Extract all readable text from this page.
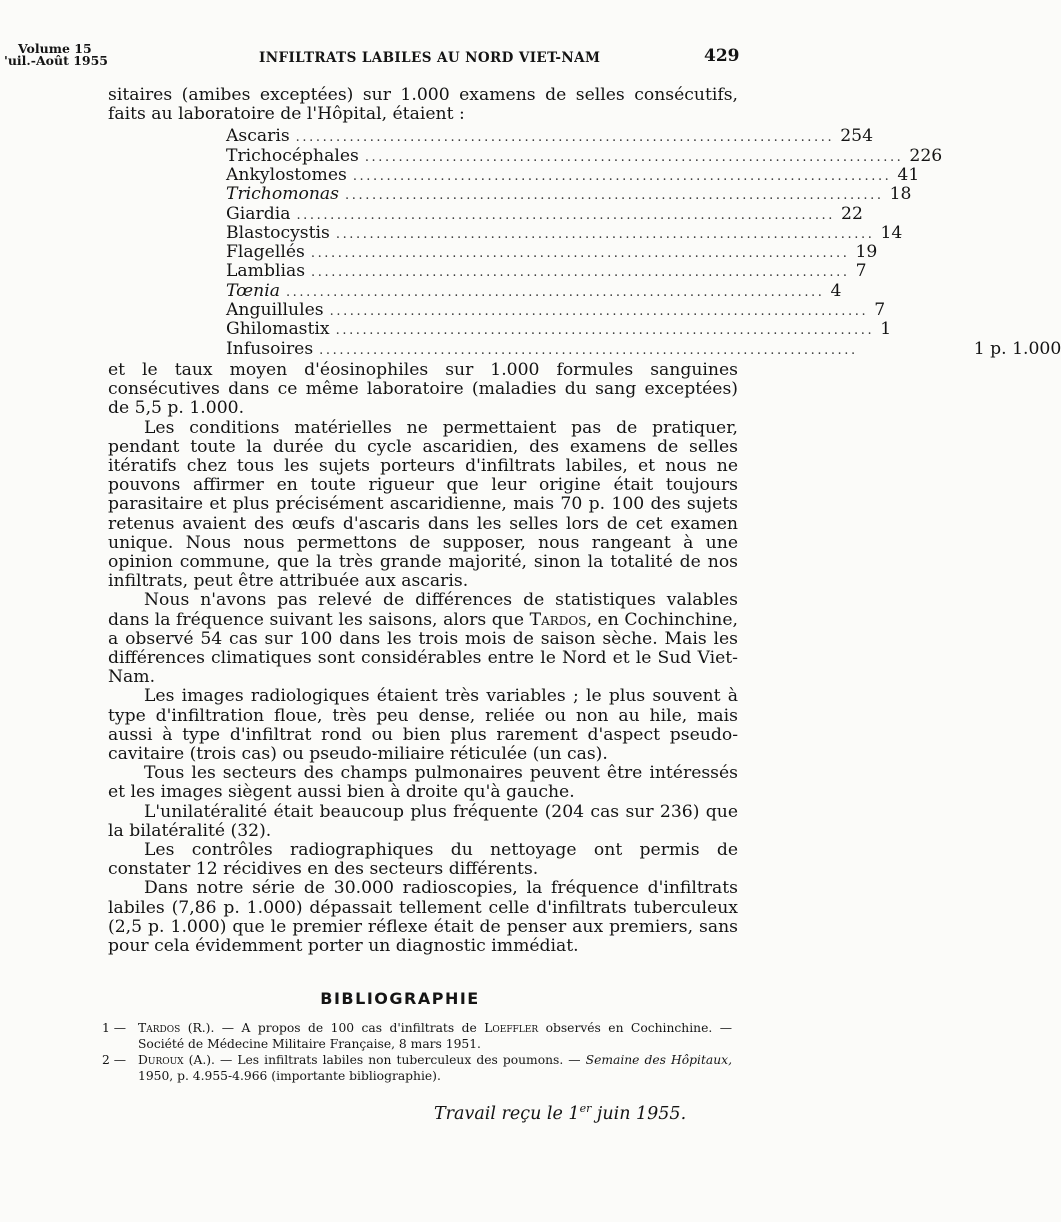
Volume 15
'uil.-Août 1955	INFILTRATS LABILES AU NORD VIET-NAM	429

sitaires (amibes exceptées) sur 1.000 examens de selles consécutifs, faits au laboratoire de l'Hôpital, étaient :

Ascaris ................................................................................ 254
Trichocéphales ................................................................................ 226
Ankylostomes ................................................................................ 41
Trichomonas ................................................................................ 18
Giardia ................................................................................ 22
Blastocystis ................................................................................ 14
Flagellés ................................................................................ 19
Lamblias ................................................................................ 7
Tœnia ................................................................................ 4
Anguillules ................................................................................ 7
Ghilomastix ................................................................................ 1
Infusoires ................................................................................	1 p. 1.000

et le taux moyen d'éosinophiles sur 1.000 formules sanguines consécutives dans ce même laboratoire (maladies du sang exceptées) de 5,5 p. 1.000.

Les conditions matérielles ne permettaient pas de pratiquer, pendant toute la durée du cycle ascaridien, des examens de selles itératifs chez tous les sujets porteurs d'infiltrats labiles, et nous ne pouvons affirmer en toute rigueur que leur origine était toujours parasitaire et plus précisément ascaridienne, mais 70 p. 100 des sujets retenus avaient des œufs d'ascaris dans les selles lors de cet examen unique. Nous nous permettons de supposer, nous rangeant à une opinion commune, que la très grande majorité, sinon la totalité de nos infiltrats, peut être attribuée aux ascaris.

Nous n'avons pas relevé de différences de statistiques valables dans la fréquence suivant les saisons, alors que Tardos, en Cochinchine, a observé 54 cas sur 100 dans les trois mois de saison sèche. Mais les différences climatiques sont considérables entre le Nord et le Sud Viet-Nam.

Les images radiologiques étaient très variables ; le plus souvent à type d'infiltration floue, très peu dense, reliée ou non au hile, mais aussi à type d'infiltrat rond ou bien plus rarement d'aspect pseudo-cavitaire (trois cas) ou pseudo-miliaire réticulée (un cas).

Tous les secteurs des champs pulmonaires peuvent être intéressés et les images siègent aussi bien à droite qu'à gauche.

L'unilatéralité était beaucoup plus fréquente (204 cas sur 236) que la bilatéralité (32).

Les contrôles radiographiques du nettoyage ont permis de constater 12 récidives en des secteurs différents.

Dans notre série de 30.000 radioscopies, la fréquence d'infiltrats labiles (7,86 p. 1.000) dépassait tellement celle d'infiltrats tuberculeux (2,5 p. 1.000) que le premier réflexe était de penser aux premiers, sans pour cela évidemment porter un diagnostic immédiat.

BIBLIOGRAPHIE
1 — Tardos (R.). — A propos de 100 cas d'infiltrats de Loeffler observés en Cochinchine. — Société de Médecine Militaire Française, 8 mars 1951.
2 — Duroux (A.). — Les infiltrats labiles non tuberculeux des poumons. — Semaine des Hôpitaux, 1950, p. 4.955-4.966 (importante bibliographie).
Travail reçu le 1er juin 1955.
